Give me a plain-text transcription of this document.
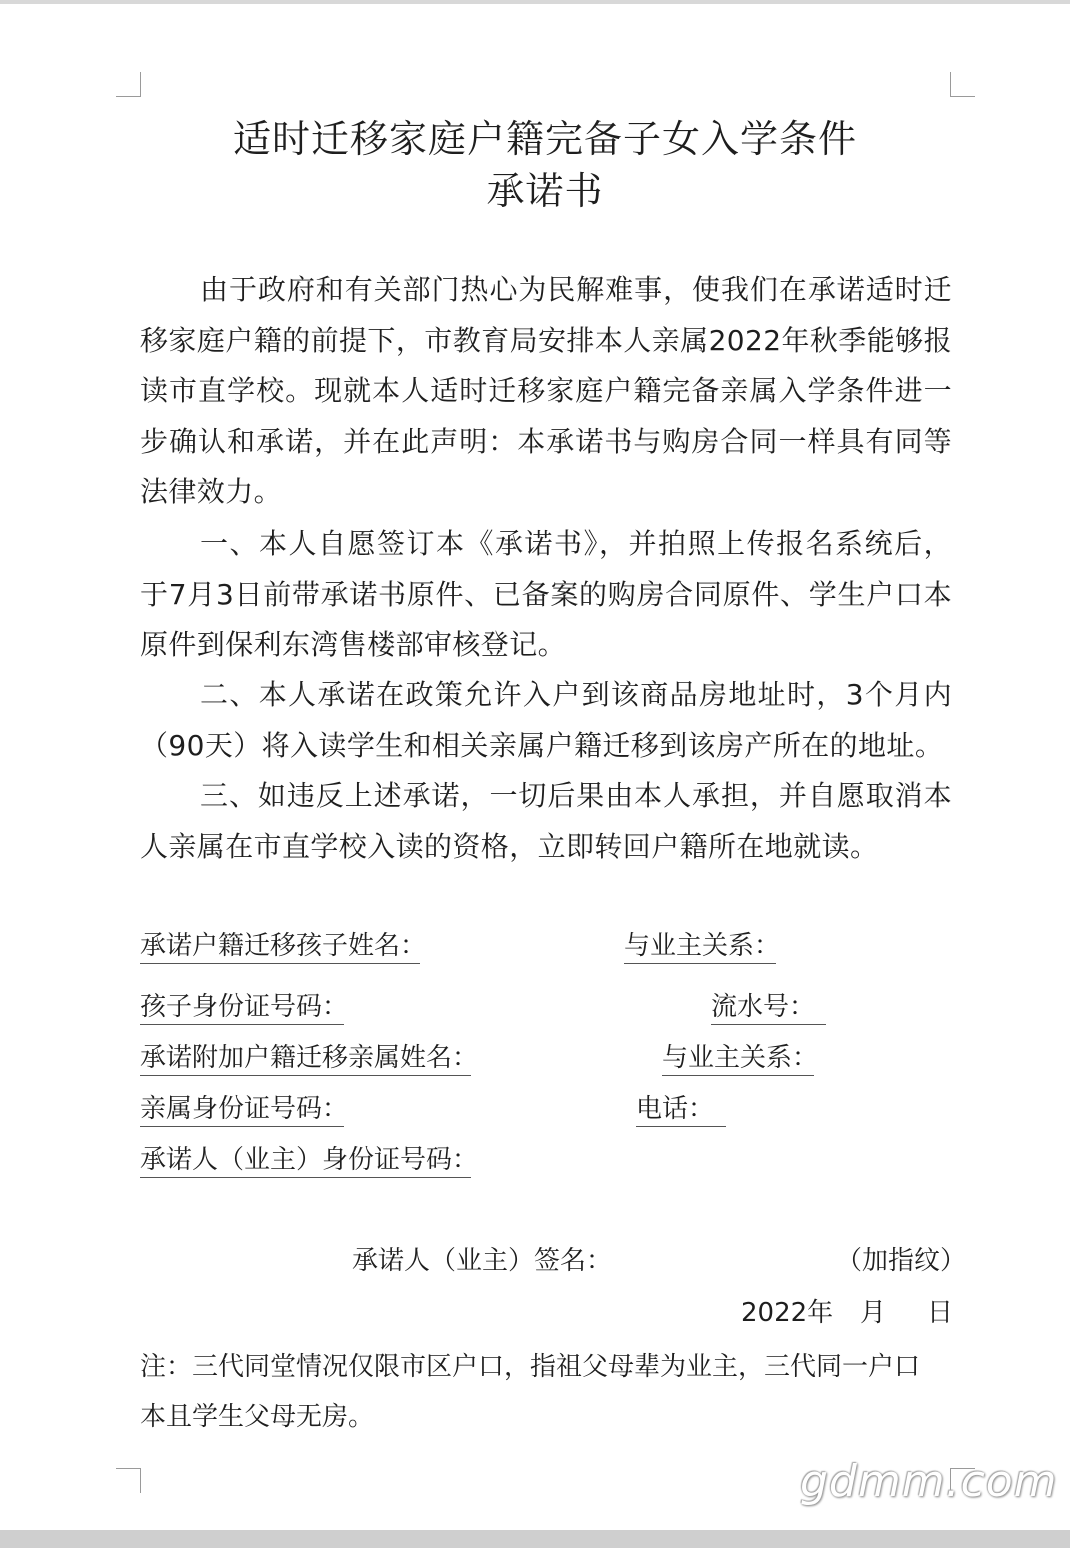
适时迁移家庭户籍完备子女入学条件
承诺书

由于政府和有关部门热心为民解难事，使我们在承诺适时迁移家庭户籍的前提下，市教育局安排本人亲属2022年秋季能够报读市直学校。现就本人适时迁移家庭户籍完备亲属入学条件进一步确认和承诺，并在此声明：本承诺书与购房合同一样具有同等法律效力。

一、本人自愿签订本《承诺书》，并拍照上传报名系统后，于7月3日前带承诺书原件、已备案的购房合同原件、学生户口本原件到保利东湾售楼部审核登记。

二、本人承诺在政策允许入户到该商品房地址时，3个月内（90天）将入读学生和相关亲属户籍迁移到该房产所在的地址。

三、如违反上述承诺，一切后果由本人承担，并自愿取消本人亲属在市直学校入读的资格，立即转回户籍所在地就读。

承诺户籍迁移孩子姓名：	与业主关系：
孩子身份证号码：	流水号：
承诺附加户籍迁移亲属姓名：	与业主关系：
亲属身份证号码：	电话：
承诺人（业主）身份证号码：
承诺人（业主）签名：	（加指纹）
2022年 月 日

注：三代同堂情况仅限市区户口，指祖父母辈为业主，三代同一户口本且学生父母无房。

gdmm.com
